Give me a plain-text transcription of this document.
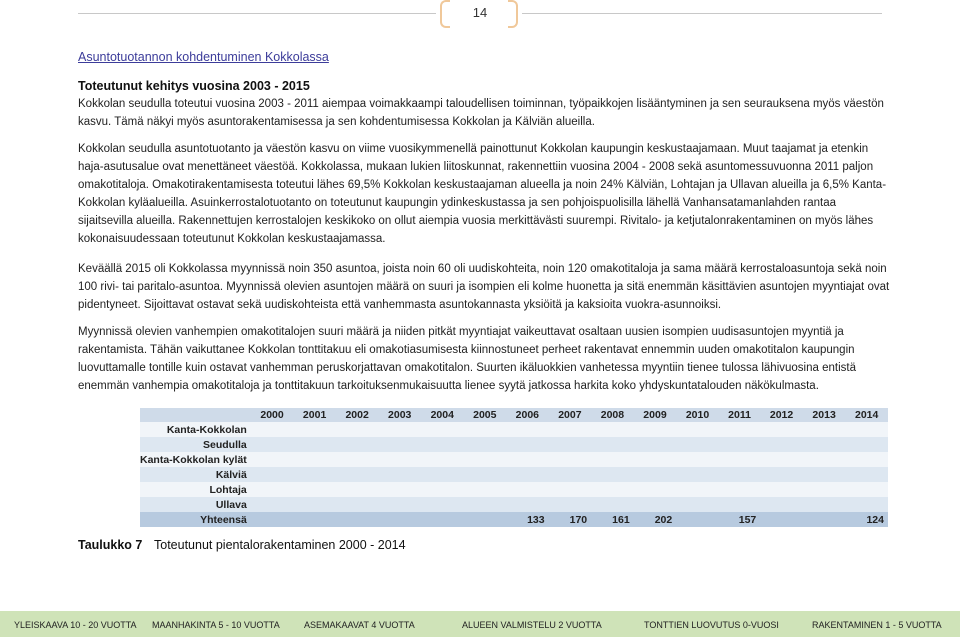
14
Asuntotuotannon kohdentuminen Kokkolassa
Toteutunut kehitys vuosina 2003 - 2015

Kokkolan seudulla toteutui vuosina 2003 - 2011 aiempaa voimakkaampi taloudellisen toiminnan, työpaikkojen lisääntyminen ja sen seurauksena myös väestön kasvu. Tämä näkyi myös asuntorakentamisessa ja sen kohdentumisessa Kokkolan ja Kälviän alueilla.

Kokkolan seudulla asuntotuotanto ja väestön kasvu on viime vuosikymmenellä painottunut Kokkolan kaupungin keskustaajamaan. Muut taajamat ja etenkin haja-asutusalue ovat menettäneet väestöä. Kokkolassa, mukaan lukien liitoskunnat, rakennettiin vuosina 2004 - 2008 sekä asuntomessuvuonna 2011 paljon omakotitaloja. Omakotirakentamisesta toteutui lähes 69,5% Kokkolan keskustaajaman alueella ja noin 24% Kälviän, Lohtajan ja Ullavan alueilla ja 6,5% Kanta-Kokkolan kyläalueilla. Asuinkerrostalotuotanto on toteutunut kaupungin ydinkeskustassa ja sen pohjoispuolisilla lähellä Vanhansatamanlahden rantaa sijaitsevilla alueilla. Rakennettujen kerrostalojen keskikoko on ollut aiempia vuosia merkittävästi suurempi. Rivitalo- ja ketjutalonrakentaminen on myös lähes kokonaisuudessaan toteutunut Kokkolan keskustaajamassa.

Keväällä 2015 oli Kokkolassa myynnissä noin 350 asuntoa, joista noin 60 oli uudiskohteita, noin 120 omakotitaloja ja sama määrä kerrostaloasuntoja sekä noin 100 rivi- tai paritalo-asuntoa. Myynnissä olevien asuntojen määrä on suuri ja isompien eli kolme huonetta ja sitä enemmän käsittävien asuntojen myyntiajat ovat pidentyneet. Sijoittavat ostavat sekä uudiskohteista että vanhemmasta asuntokannasta yksiöitä ja kaksioita vuokra-asunnoiksi.

Myynnissä olevien vanhempien omakotitalojen suuri määrä ja niiden pitkät myyntiajat vaikeuttavat osaltaan uusien isompien uudisasuntojen myyntiä ja rakentamista. Tähän vaikuttanee Kokkolan tonttitakuu eli omakotiasumisesta kiinnostuneet perheet rakentavat ennemmin uuden omakotitalon kaupungin luovuttamalle tontille kuin ostavat vanhemman peruskorjattavan omakotitalon. Suurten ikäluokkien vanhetessa myyntiin tienee tulossa lähivuosina entistä enemmän vanhempia omakotitaloja ja tonttitakuun tarkoituksenmukaisuutta lienee syytä jatkossa harkita koko yhdyskuntatalouden näkökulmasta.

	2000	2001	2002	2003	2004	2005	2006	2007	2008	2009	2010	2011	2012	2013	2014
Kanta-Kokkolan															
Seudulla															
Kanta-Kokkolan kylät															
Kälviä															
Lohtaja															
Ullava															
Yhteensä							133	170	161	202		157			124
Taulukko 7 Toteutunut pientalorakentaminen 2000 - 2014
YLEISKAAVA 10 - 20 VUOTTA MAANHAKINTA 5 - 10 VUOTTA	ASEMAKAAVAT 4 VUOTTA	ALUEEN VALMISTELU 2 VUOTTA	TONTTIEN LUOVUTUS 0-VUOSI	RAKENTAMINEN 1 - 5 VUOTTA
